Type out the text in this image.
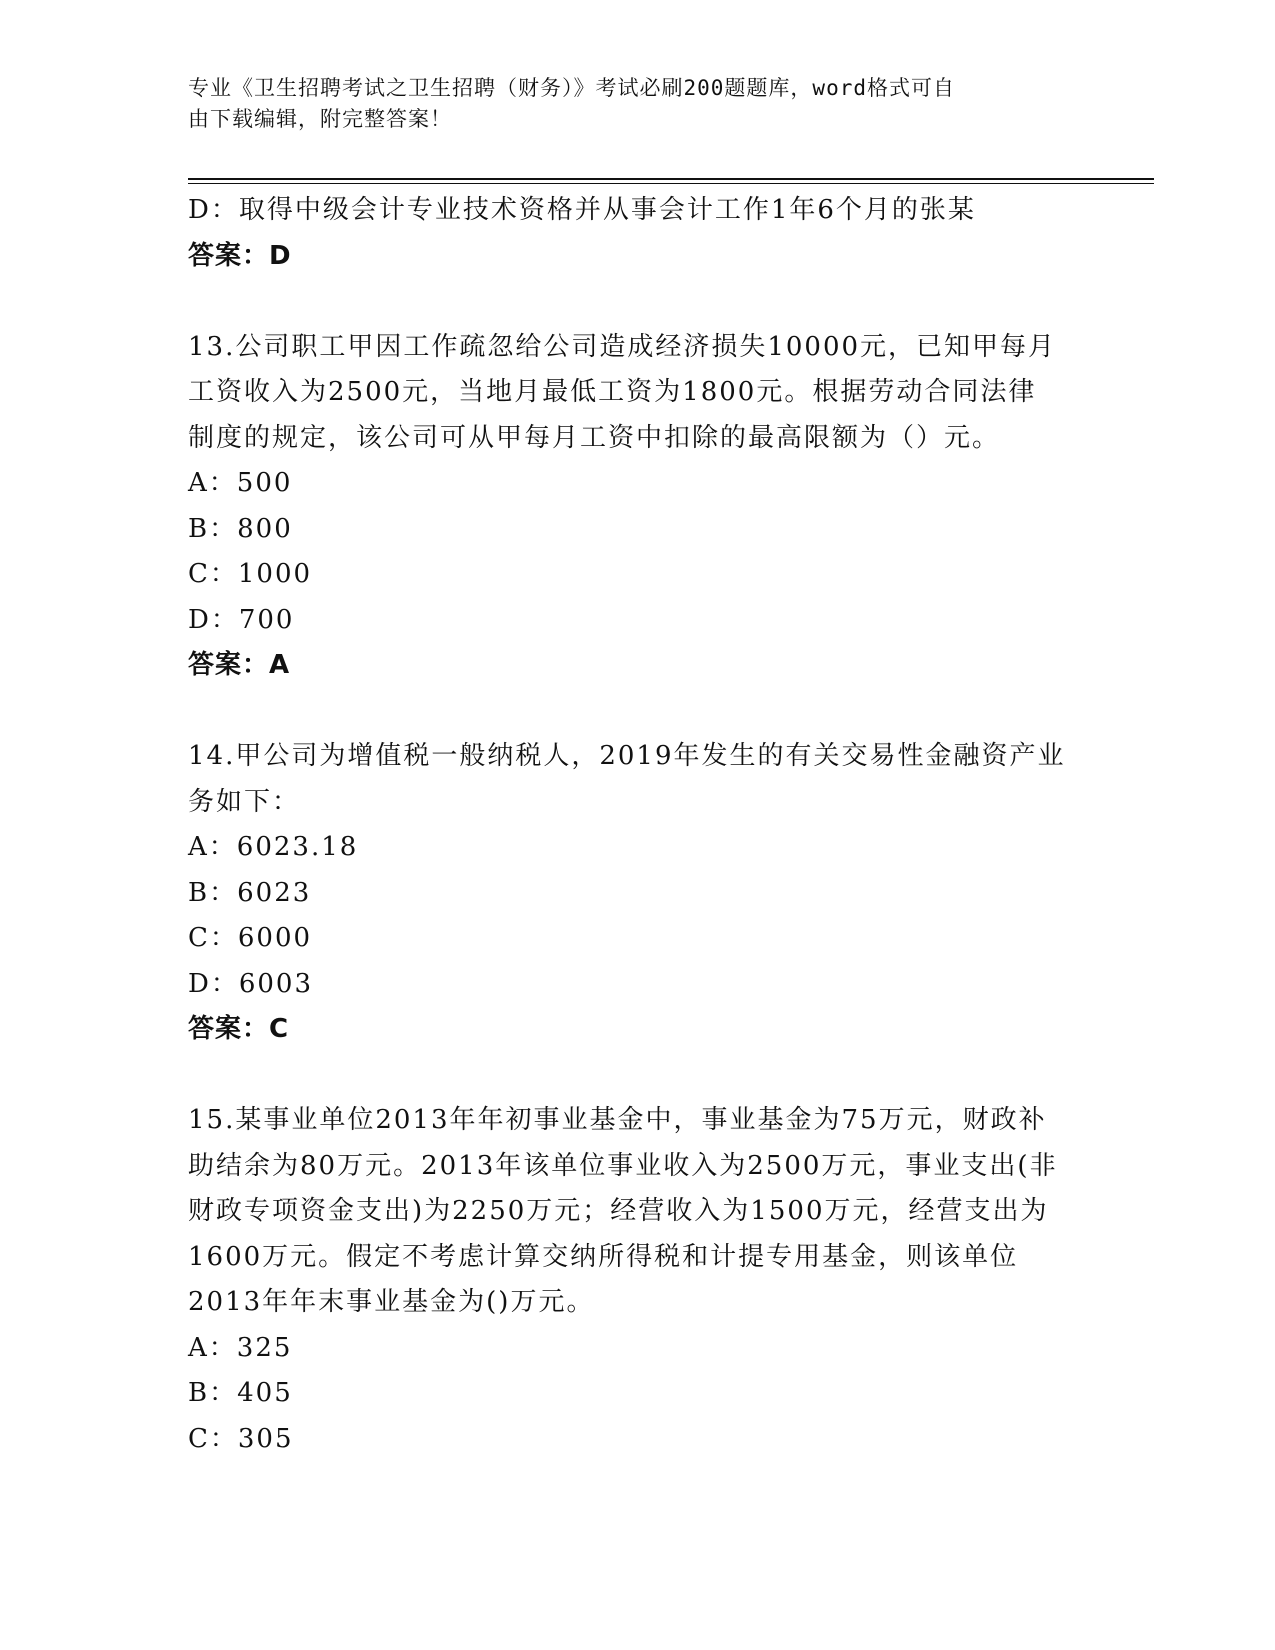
专业《卫生招聘考试之卫生招聘（财务）》考试必刷200题题库，word格式可自
由下载编辑，附完整答案！
D：取得中级会计专业技术资格并从事会计工作1年6个月的张某
答案：D
13.公司职工甲因工作疏忽给公司造成经济损失10000元，已知甲每月
工资收入为2500元，当地月最低工资为1800元。根据劳动合同法律
制度的规定，该公司可从甲每月工资中扣除的最高限额为（）元。
A：500
B：800
C：1000
D：700
答案：A
14.甲公司为增值税一般纳税人，2019年发生的有关交易性金融资产业
务如下：
A：6023.18
B：6023
C：6000
D：6003
答案：C
15.某事业单位2013年年初事业基金中，事业基金为75万元，财政补
助结余为80万元。2013年该单位事业收入为2500万元，事业支出(非
财政专项资金支出)为2250万元；经营收入为1500万元，经营支出为
1600万元。假定不考虑计算交纳所得税和计提专用基金，则该单位
2013年年末事业基金为()万元。
A：325
B：405
C：305
